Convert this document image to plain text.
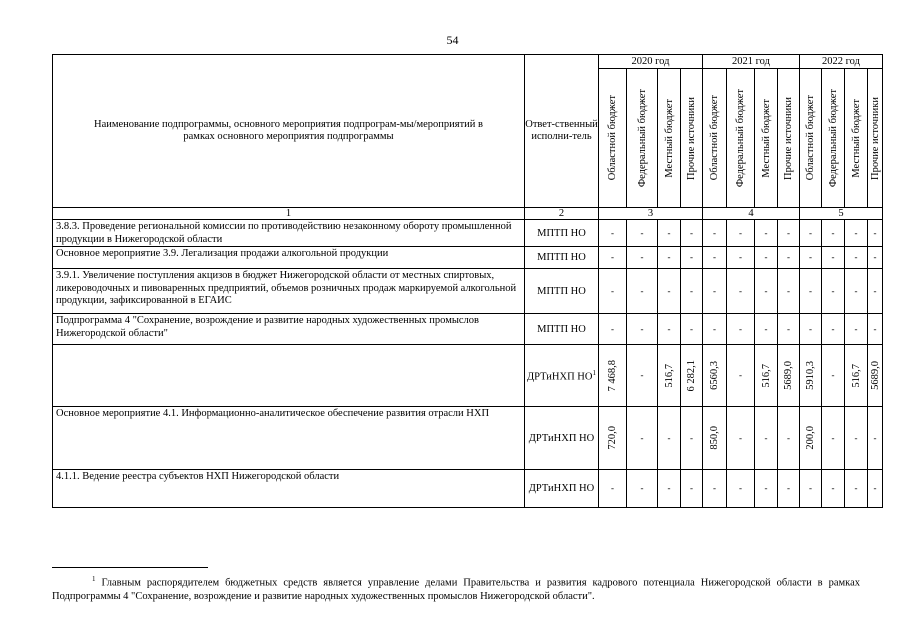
54
Наименование подпрограммы, основного мероприятия подпрограм-мы/мероприятий в рамках основного мероприятия подпрограммы	Ответ-ственный исполни-тель	2020 год				2021 год				2022 год			

		Областной бюджет	Федеральный бюджет	Местный бюджет	Прочие источники	Областной бюджет	Федеральный бюджет	Местный бюджет	Прочие источники	Областной бюджет	Федеральный бюджет	Местный бюджет	Прочие источники

1	2	3				4				5			
3.8.3. Проведение региональной комиссии по противодействию незаконному обороту промышленной продукции в Нижегородской области	МПТП НО	-	-	-	-	-	-	-	-	-	-	-	-
Основное мероприятие 3.9. Легализация продажи алкогольной продукции	МПТП НО	-	-	-	-	-	-	-	-	-	-	-	-
3.9.1. Увеличение поступления акцизов в бюджет Нижегородской области от местных спиртовых, ликероводочных и пивоваренных предприятий, объемов розничных продаж маркируемой алкогольной продукции, зафиксированной в ЕГАИС	МПТП НО	-	-	-	-	-	-	-	-	-	-	-	-
Подпрограмма 4 "Сохранение, возрождение и развитие народных художественных промыслов Нижегородской области"	МПТП НО	-	-	-	-	-	-	-	-	-	-	-	-
	ДРТиНХП $НО^1$	7 468,8	-	516,7	6 282,1	6560,3	-	516,7	5689,0	5910,3	-	516,7	5689,0

Основное мероприятие 4.1. Информационно-аналитическое обеспечение развития отрасли НХП	ДРТиНХП НО	720,0	-	-	-	850,0	-	-	-	200,0	-	-	-
4.1.1. Ведение реестра субъектов НХП Нижегородской области	ДРТиНХП НО	-	-	-	-	-	-	-	-	-	-	-	-
$^1$ Главным распорядителем бюджетных средств является управление делами Правительства и развития кадрового потенциала Нижегородской области в рамках Подпрограммы 4 "Сохранение, возрождение и развитие народных художественных промыслов Нижегородской области".
